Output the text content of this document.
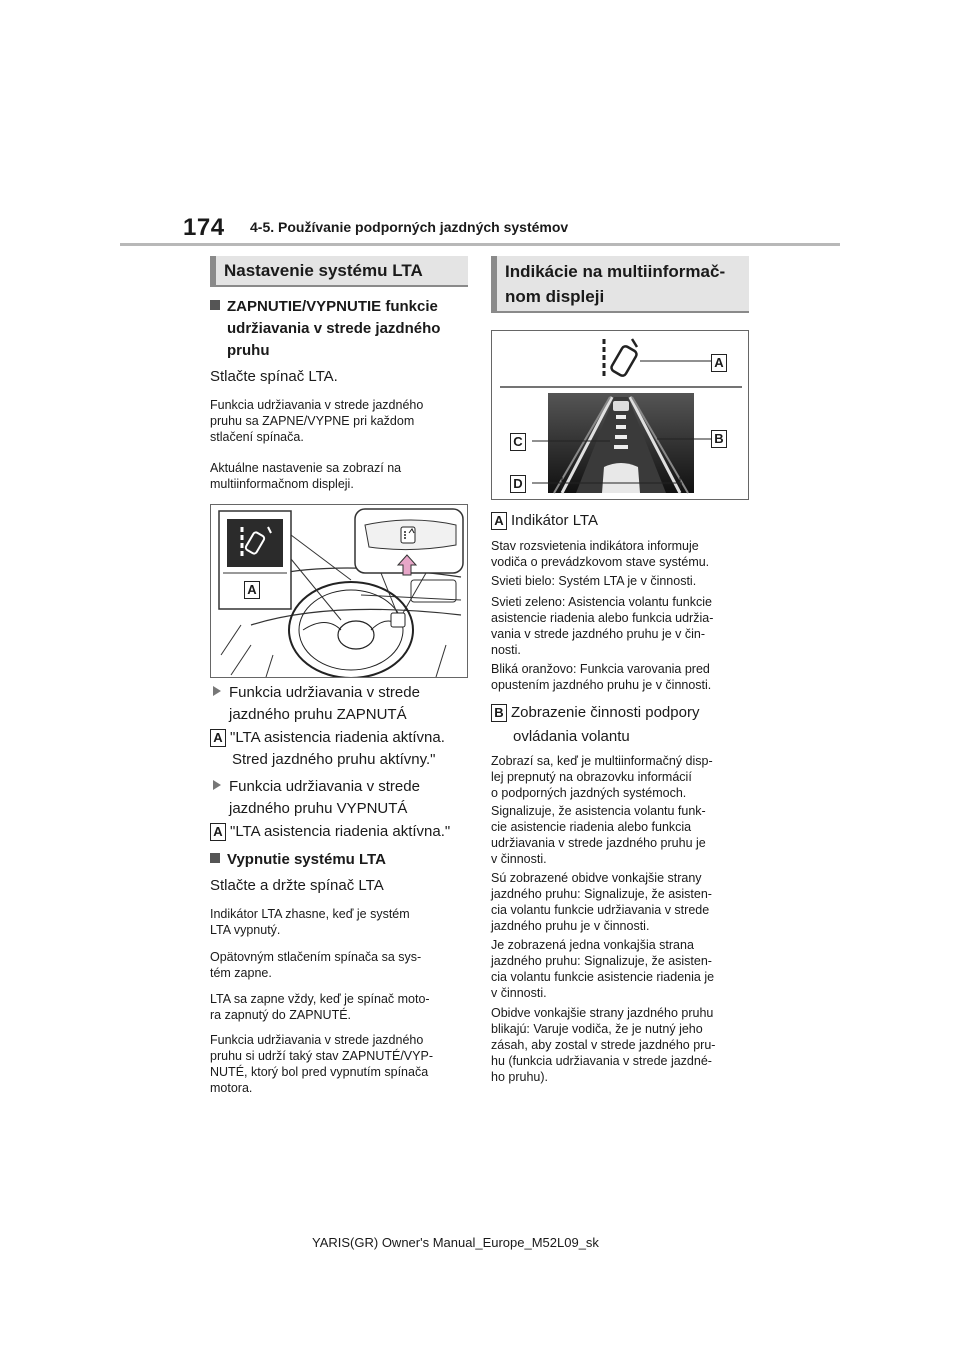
174 4-5. Používanie podporných jazdných systémov
Nastavenie systému LTA
ZAPNUTIE/VYPNUTIE funkcie
udržiavania v strede jazdného
pruhu
Stlačte spínač LTA.
Funkcia udržiavania v strede jazdného
pruhu sa ZAPNE/VYPNE pri každom
stlačení spínača.
Aktuálne nastavenie sa zobrazí na
multiinformačnom displeji.
A
Funkcia udržiavania v strede
jazdného pruhu ZAPNUTÁ
A "LTA asistencia riadenia aktívna.
Stred jazdného pruhu aktívny."
Funkcia udržiavania v strede
jazdného pruhu VYPNUTÁ
A "LTA asistencia riadenia aktívna."
Vypnutie systému LTA
Stlačte a držte spínač LTA
Indikátor LTA zhasne, keď je systém
LTA vypnutý.
Opätovným stlačením spínača sa sys-
tém zapne.
LTA sa zapne vždy, keď je spínač moto-
ra zapnutý do ZAPNUTÉ.
Funkcia udržiavania v strede jazdného
pruhu si udrží taký stav ZAPNUTÉ/VYP-
NUTÉ, ktorý bol pred vypnutím spínača
motora.
Indikácie na multiinformač-
nom displeji
A
B
C
D
A Indikátor LTA
Stav rozsvietenia indikátora informuje
vodiča o prevádzkovom stave systému.
Svieti bielo: Systém LTA je v činnosti.
Svieti zeleno: Asistencia volantu funkcie
asistencie riadenia alebo funkcia udržia-
vania v strede jazdného pruhu je v čin-
nosti.
Bliká oranžovo: Funkcia varovania pred
opustením jazdného pruhu je v činnosti.
B Zobrazenie činnosti podpory
ovládania volantu
Zobrazí sa, keď je multiinformačný disp-
lej prepnutý na obrazovku informácií
o podporných jazdných systémoch.
Signalizuje, že asistencia volantu funk-
cie asistencie riadenia alebo funkcia
udržiavania v strede jazdného pruhu je
v činnosti.
Sú zobrazené obidve vonkajšie strany
jazdného pruhu: Signalizuje, že asisten-
cia volantu funkcie udržiavania v strede
jazdného pruhu je v činnosti.
Je zobrazená jedna vonkajšia strana
jazdného pruhu: Signalizuje, že asisten-
cia volantu funkcie asistencie riadenia je
v činnosti.
Obidve vonkajšie strany jazdného pruhu
blikajú: Varuje vodiča, že je nutný jeho
zásah, aby zostal v strede jazdného pru-
hu (funkcia udržiavania v strede jazdné-
ho pruhu).
YARIS(GR) Owner's Manual_Europe_M52L09_sk
